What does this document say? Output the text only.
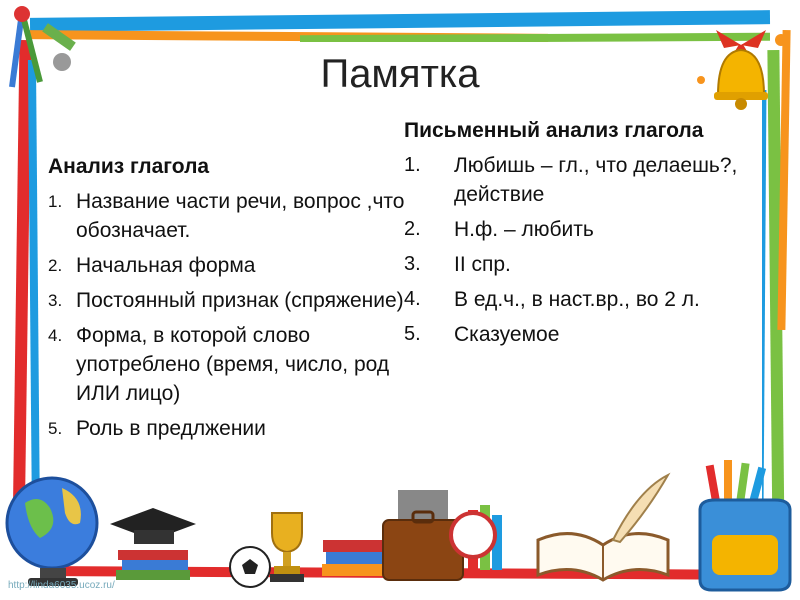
Памятка
Анализ глагола
1. Название части речи, вопрос ,что обозначает.
2. Начальная форма
3. Постоянный признак (спряжение)
4. Форма, в которой слово употреблено (время, число, род ИЛИ лицо)
5. Роль в предлжении
Письменный анализ глагола
1. Любишь – гл., что делаешь?, действие
2. Н.ф. – любить
3. II спр.
4. В ед.ч., в наст.вр., во 2 л.
5. Сказуемое
http://linda6035.ucoz.ru/
